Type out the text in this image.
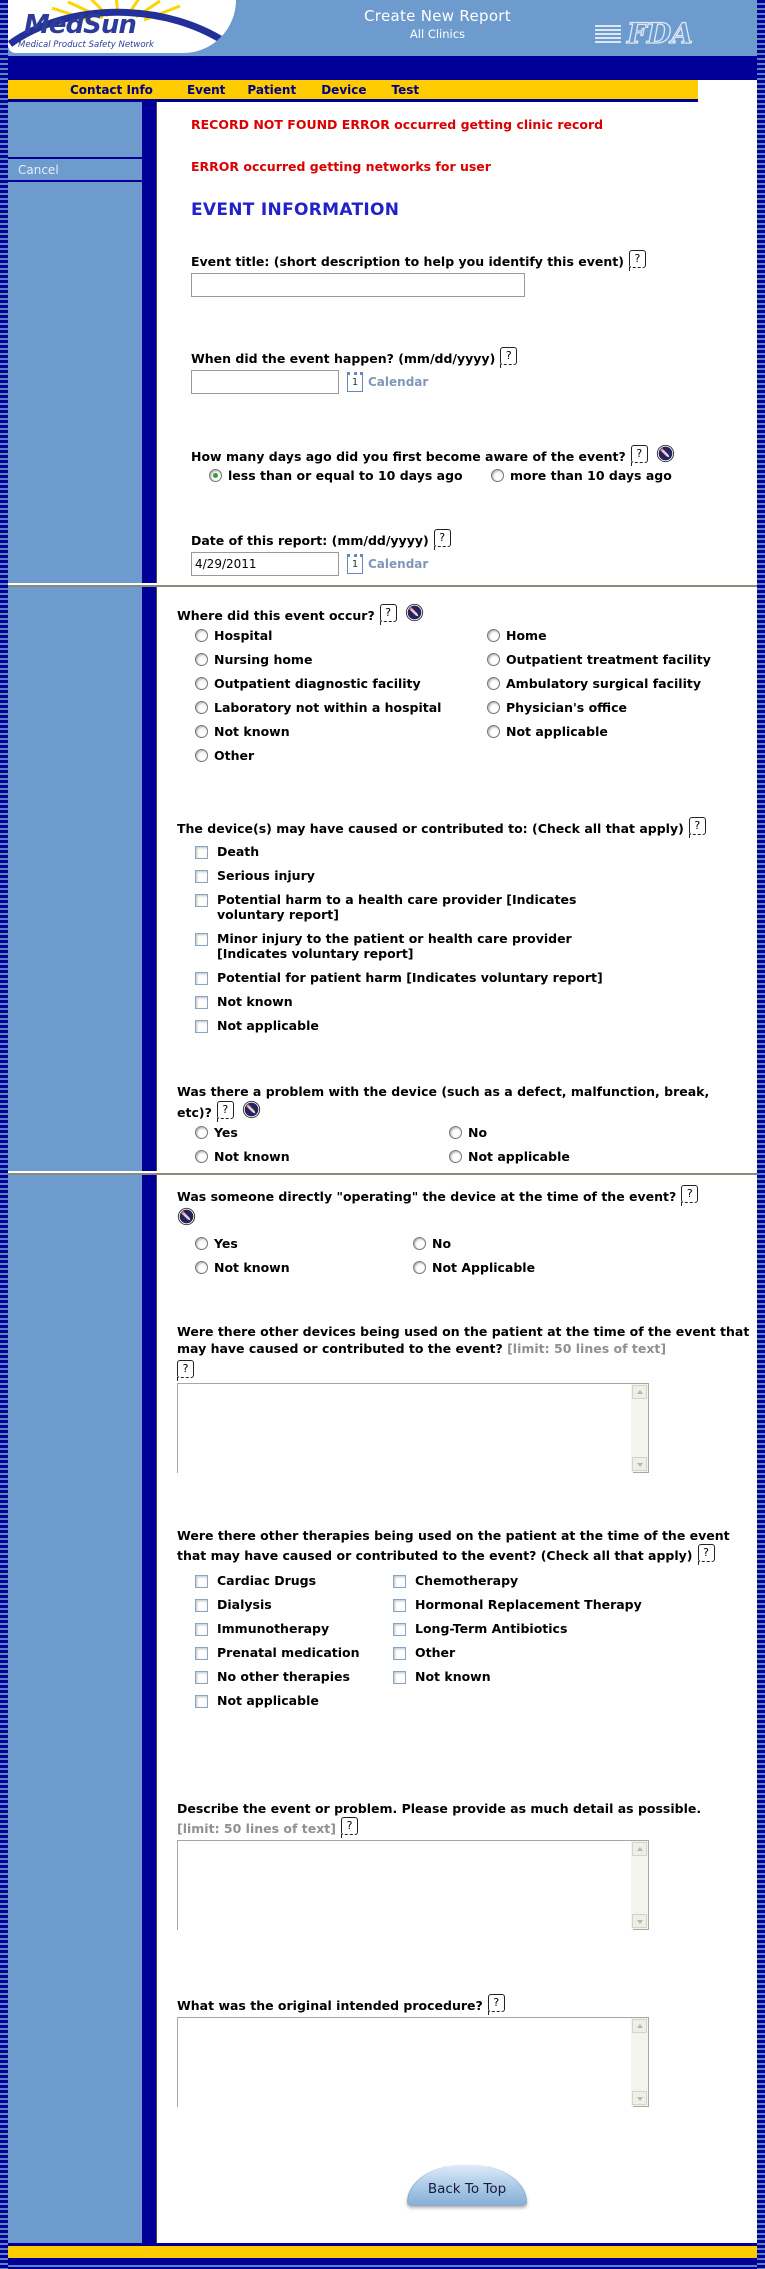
MedSun
Medical Product Safety Network
Create New Report
All Clinics	FDA
Contact Info	Event Patient Device Test
Cancel
RECORD NOT FOUND ERROR occurred getting clinic record
ERROR occurred getting networks for user
EVENT INFORMATION
Event title: (short description to help you identify this event) ?
When did the event happen? (mm/dd/yyyy) ?
1 Calendar
How many days ago did you first become aware of the event? ?
less than or equal to 10 days ago	more than 10 days ago
Date of this report: (mm/dd/yyyy) ?
4/29/2011
1 Calendar
Where did this event occur? ?
Hospital	Home
Nursing home	Outpatient treatment facility
Outpatient diagnostic facility	Ambulatory surgical facility
Laboratory not within a hospital	Physician's office
Not known	Not applicable
Other
The device(s) may have caused or contributed to: (Check all that apply) ?
Death
Serious injury
Potential harm to a health care provider [Indicates voluntary report]
Minor injury to the patient or health care provider [Indicates voluntary report]
Potential for patient harm [Indicates voluntary report]
Not known
Not applicable
Was there a problem with the device (such as a defect, malfunction, break, etc)? ?
Yes	No
Not known	Not applicable
Was someone directly "operating" the device at the time of the event? ?

Yes	No
Not known	Not Applicable
Were there other devices being used on the patient at the time of the event that may have caused or contributed to the event? [limit: 50 lines of text]
?
Were there other therapies being used on the patient at the time of the event that may have caused or contributed to the event? (Check all that apply) ?
Cardiac Drugs	Chemotherapy
Dialysis	Hormonal Replacement Therapy
Immunotherapy	Long-Term Antibiotics
Prenatal medication	Other
No other therapies	Not known
Not applicable
Describe the event or problem. Please provide as much detail as possible.
[limit: 50 lines of text] ?
What was the original intended procedure? ?
Back To Top
